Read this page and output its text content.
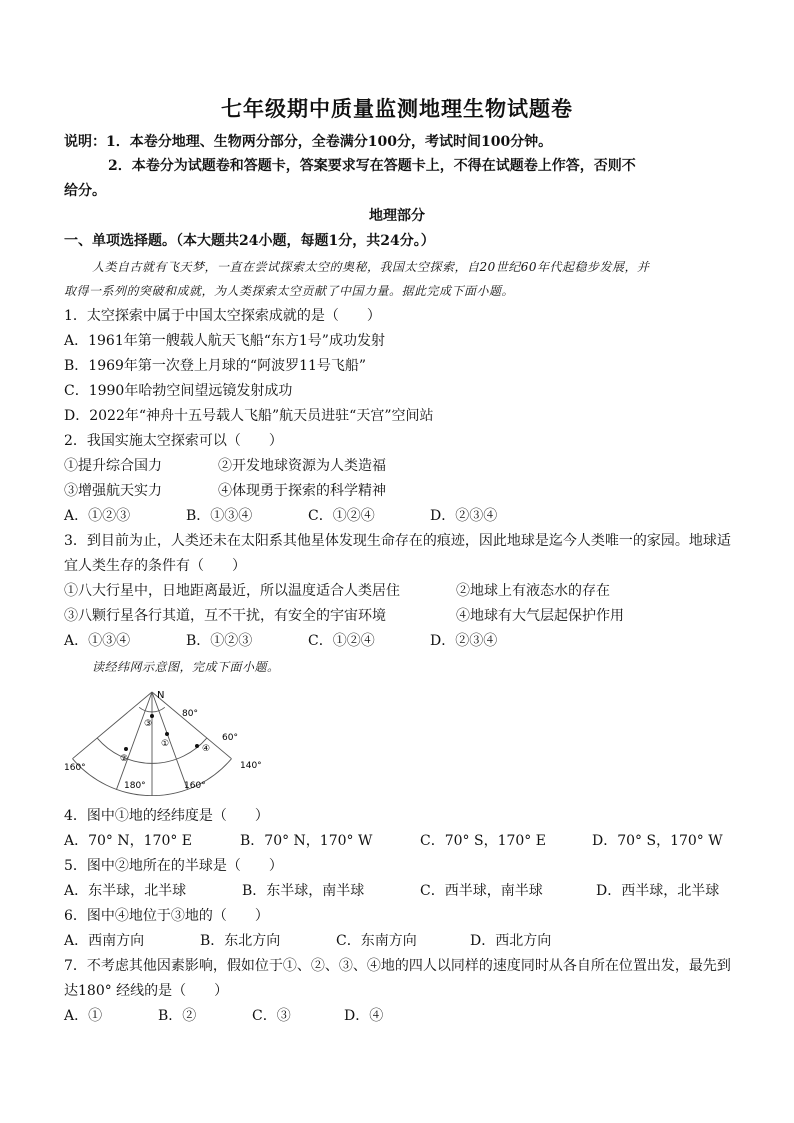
七年级期中质量监测地理生物试题卷
说明：1．本卷分地理、生物两分部分，全卷满分100分，考试时间100分钟。
2．本卷分为试题卷和答题卡，答案要求写在答题卡上，不得在试题卷上作答，否则不
给分。
地理部分
一、单项选择题。（本大题共24小题，每题1分，共24分。）
人类自古就有飞天梦，一直在尝试探索太空的奥秘，我国太空探索，自20世纪60年代起稳步发展，并
取得一系列的突破和成就，为人类探索太空贡献了中国力量。据此完成下面小题。
1．太空探索中属于中国太空探索成就的是（　　）
A．1961年第一艘载人航天飞船“东方1号”成功发射
B．1969年第一次登上月球的“阿波罗11号飞船”
C．1990年哈勃空间望远镜发射成功
D．2022年“神舟十五号载人飞船”航天员进驻“天宫”空间站
2．我国实施太空探索可以（　　）
①提升综合国力	②开发地球资源为人类造福
③增强航天实力	④体现勇于探索的科学精神
A．①②③	B．①③④	C．①②④	D．②③④
3．到目前为止，人类还未在太阳系其他星体发现生命存在的痕迹，因此地球是迄今人类唯一的家园。地球适
宜人类生存的条件有（　　）
①八大行星中，日地距离最近，所以温度适合人类居住	②地球上有液态水的存在
③八颗行星各行其道，互不干扰，有安全的宇宙环境	④地球有大气层起保护作用
A．①③④	B．①②③	C．①②④	D．②③④
读经纬网示意图，完成下面小题。
N
80°
60°
160°
180°	160°
140°
③
①
②
④
4．图中①地的经纬度是（　　）
A．70° N，170° E	B．70° N，170° W	C．70° S，170° E	D．70° S，170° W
5．图中②地所在的半球是（　　）
A．东半球，北半球	B．东半球，南半球	C．西半球，南半球	D．西半球，北半球
6．图中④地位于③地的（　　）
A．西南方向	B．东北方向	C．东南方向	D．西北方向
7．不考虑其他因素影响，假如位于①、②、③、④地的四人以同样的速度同时从各自所在位置出发，最先到
达180° 经线的是（　　）
A．①	B．②	C．③	D．④
